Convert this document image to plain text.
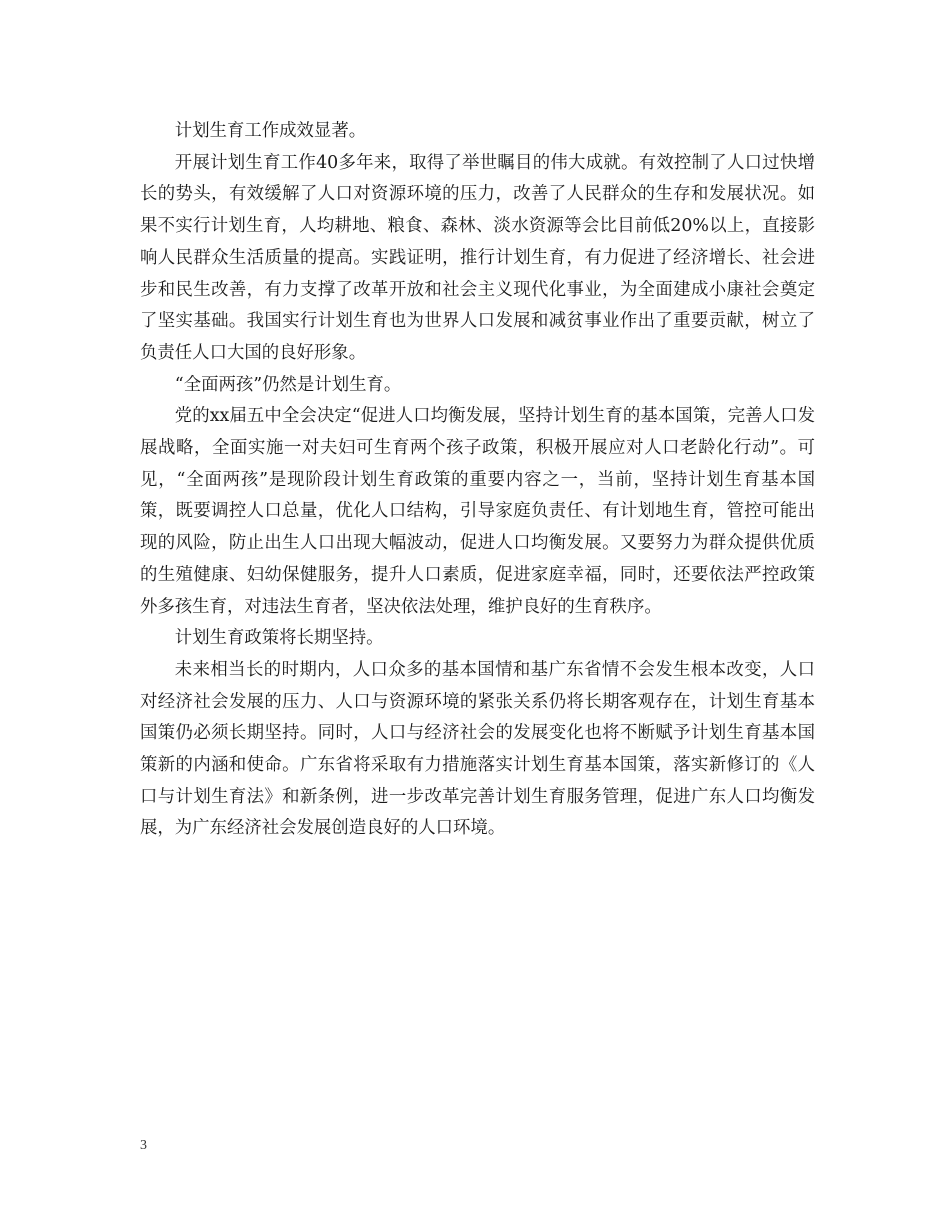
计划生育工作成效显著。

开展计划生育工作40多年来，取得了举世瞩目的伟大成就。有效控制了人口过快增长的势头，有效缓解了人口对资源环境的压力，改善了人民群众的生存和发展状况。如果不实行计划生育，人均耕地、粮食、森林、淡水资源等会比目前低20%以上，直接影响人民群众生活质量的提高。实践证明，推行计划生育，有力促进了经济增长、社会进步和民生改善，有力支撑了改革开放和社会主义现代化事业，为全面建成小康社会奠定了坚实基础。我国实行计划生育也为世界人口发展和减贫事业作出了重要贡献，树立了负责任人口大国的良好形象。

“全面两孩”仍然是计划生育。

党的xx届五中全会决定“促进人口均衡发展，坚持计划生育的基本国策，完善人口发展战略，全面实施一对夫妇可生育两个孩子政策，积极开展应对人口老龄化行动”。可见，“全面两孩”是现阶段计划生育政策的重要内容之一，当前，坚持计划生育基本国策，既要调控人口总量，优化人口结构，引导家庭负责任、有计划地生育，管控可能出现的风险，防止出生人口出现大幅波动，促进人口均衡发展。又要努力为群众提供优质的生殖健康、妇幼保健服务，提升人口素质，促进家庭幸福，同时，还要依法严控政策外多孩生育，对违法生育者，坚决依法处理，维护良好的生育秩序。

计划生育政策将长期坚持。

未来相当长的时期内，人口众多的基本国情和基广东省情不会发生根本改变，人口对经济社会发展的压力、人口与资源环境的紧张关系仍将长期客观存在，计划生育基本国策仍必须长期坚持。同时，人口与经济社会的发展变化也将不断赋予计划生育基本国策新的内涵和使命。广东省将采取有力措施落实计划生育基本国策，落实新修订的《人口与计划生育法》和新条例，进一步改革完善计划生育服务管理，促进广东人口均衡发展，为广东经济社会发展创造良好的人口环境。

3
